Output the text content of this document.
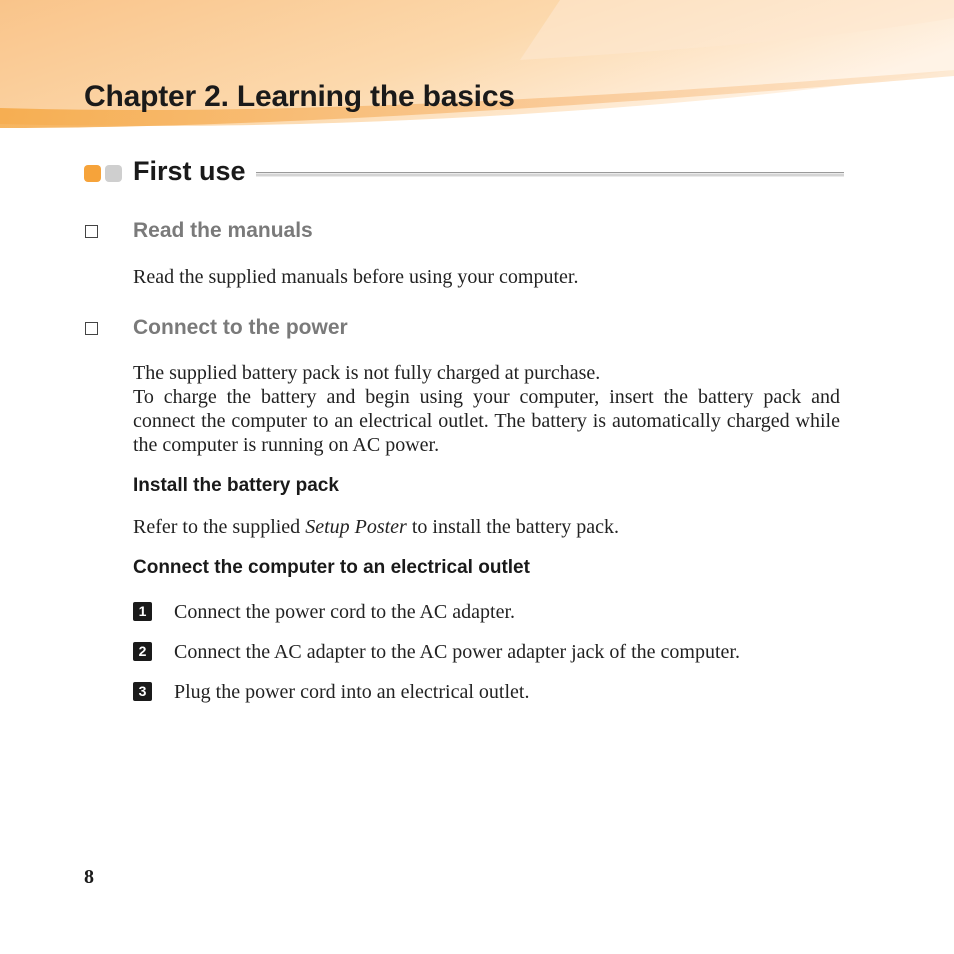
Chapter 2. Learning the basics
First use
Read the manuals

Read the supplied manuals before using your computer.

Connect to the power

The supplied battery pack is not fully charged at purchase.

To charge the battery and begin using your computer, insert the battery pack and connect the computer to an electrical outlet. The battery is automatically charged while the computer is running on AC power.

Install the battery pack

Refer to the supplied Setup Poster to install the battery pack.

Connect the computer to an electrical outlet
1 Connect the power cord to the AC adapter.
2 Connect the AC adapter to the AC power adapter jack of the computer.
3 Plug the power cord into an electrical outlet.

8
